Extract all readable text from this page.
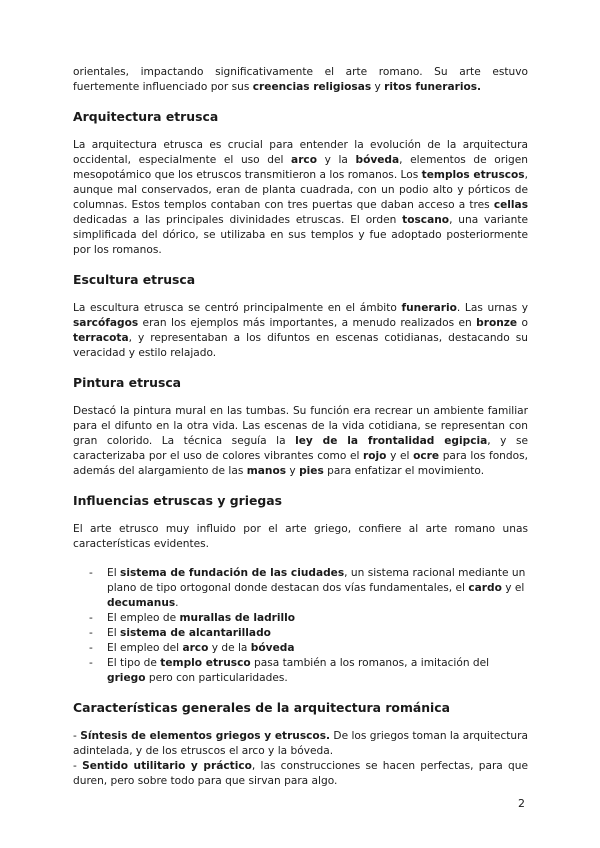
orientales, impactando significativamente el arte romano. Su arte estuvo fuertemente influenciado por sus creencias religiosas y ritos funerarios.

Arquitectura etrusca

La arquitectura etrusca es crucial para entender la evolución de la arquitectura occidental, especialmente el uso del arco y la bóveda, elementos de origen mesopotámico que los etruscos transmitieron a los romanos. Los templos etruscos, aunque mal conservados, eran de planta cuadrada, con un podio alto y pórticos de columnas. Estos templos contaban con tres puertas que daban acceso a tres cellas dedicadas a las principales divinidades etruscas. El orden toscano, una variante simplificada del dórico, se utilizaba en sus templos y fue adoptado posteriormente por los romanos.

Escultura etrusca

La escultura etrusca se centró principalmente en el ámbito funerario. Las urnas y sarcófagos eran los ejemplos más importantes, a menudo realizados en bronze o terracota, y representaban a los difuntos en escenas cotidianas, destacando su veracidad y estilo relajado.

Pintura etrusca

Destacó la pintura mural en las tumbas. Su función era recrear un ambiente familiar para el difunto en la otra vida. Las escenas de la vida cotidiana, se representan con gran colorido. La técnica seguía la ley de la frontalidad egipcia, y se caracterizaba por el uso de colores vibrantes como el rojo y el ocre para los fondos, además del alargamiento de las manos y pies para enfatizar el movimiento.

Influencias etruscas y griegas

El arte etrusco muy influido por el arte griego, confiere al arte romano unas características evidentes.

- El sistema de fundación de las ciudades, un sistema racional mediante un plano de tipo ortogonal donde destacan dos vías fundamentales, el cardo y el decumanus.
- El empleo de murallas de ladrillo
- El sistema de alcantarillado
- El empleo del arco y de la bóveda
- El tipo de templo etrusco pasa también a los romanos, a imitación del griego pero con particularidades.
Características generales de la arquitectura románica

- Síntesis de elementos griegos y etruscos. De los griegos toman la arquitectura adintelada, y de los etruscos el arco y la bóveda.

- Sentido utilitario y práctico, las construcciones se hacen perfectas, para que duren, pero sobre todo para que sirvan para algo.

2
